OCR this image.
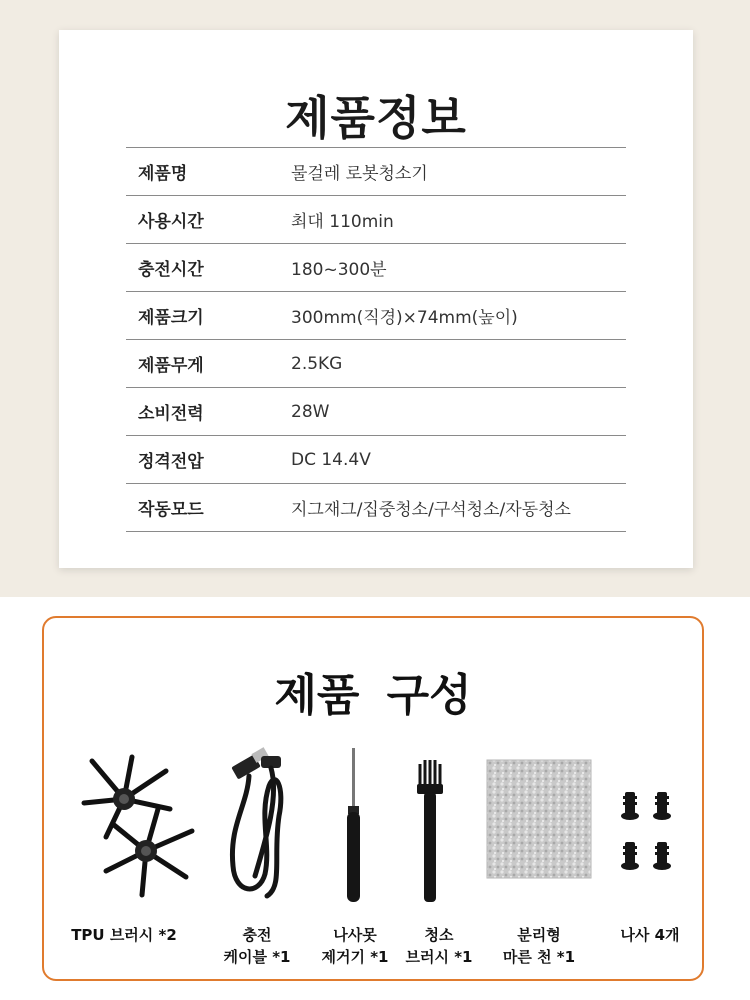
제품정보
제품명	물걸레 로봇청소기
사용시간	최대 110min
충전시간	180~300분
제품크기	300mm(직경)×74mm(높이)
제품무게	2.5KG
소비전력	28W
정격전압	DC 14.4V
작동모드	지그재그/집중청소/구석청소/자동청소
제품 구성
TPU 브러시 *2	충전
케이블 *1
나사못
제거기 *1
청소
브러시 *1
분리형
마른 천 *1
나사 4개
